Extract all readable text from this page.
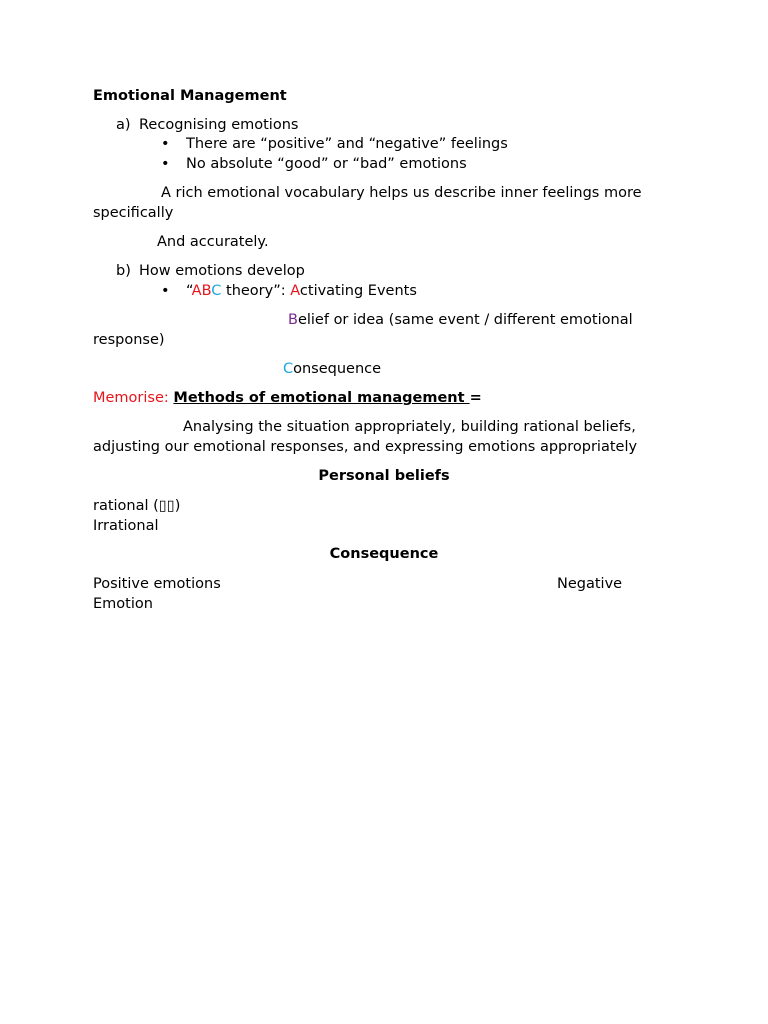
Emotional Management
a) Recognising emotions
• There are “positive” and “negative” feelings
• No absolute “good” or “bad” emotions
A rich emotional vocabulary helps us describe inner feelings more
specifically
And accurately.
b) How emotions develop
• “ABC theory”: Activating Events
Belief or idea (same event / different emotional
response)
Consequence
Memorise: Methods of emotional management =
Analysing the situation appropriately, building rational beliefs,
adjusting our emotional responses, and expressing emotions appropriately
Personal beliefs
rational (▯▯)
Irrational
Consequence
Positive emotions	Negative
Emotion
